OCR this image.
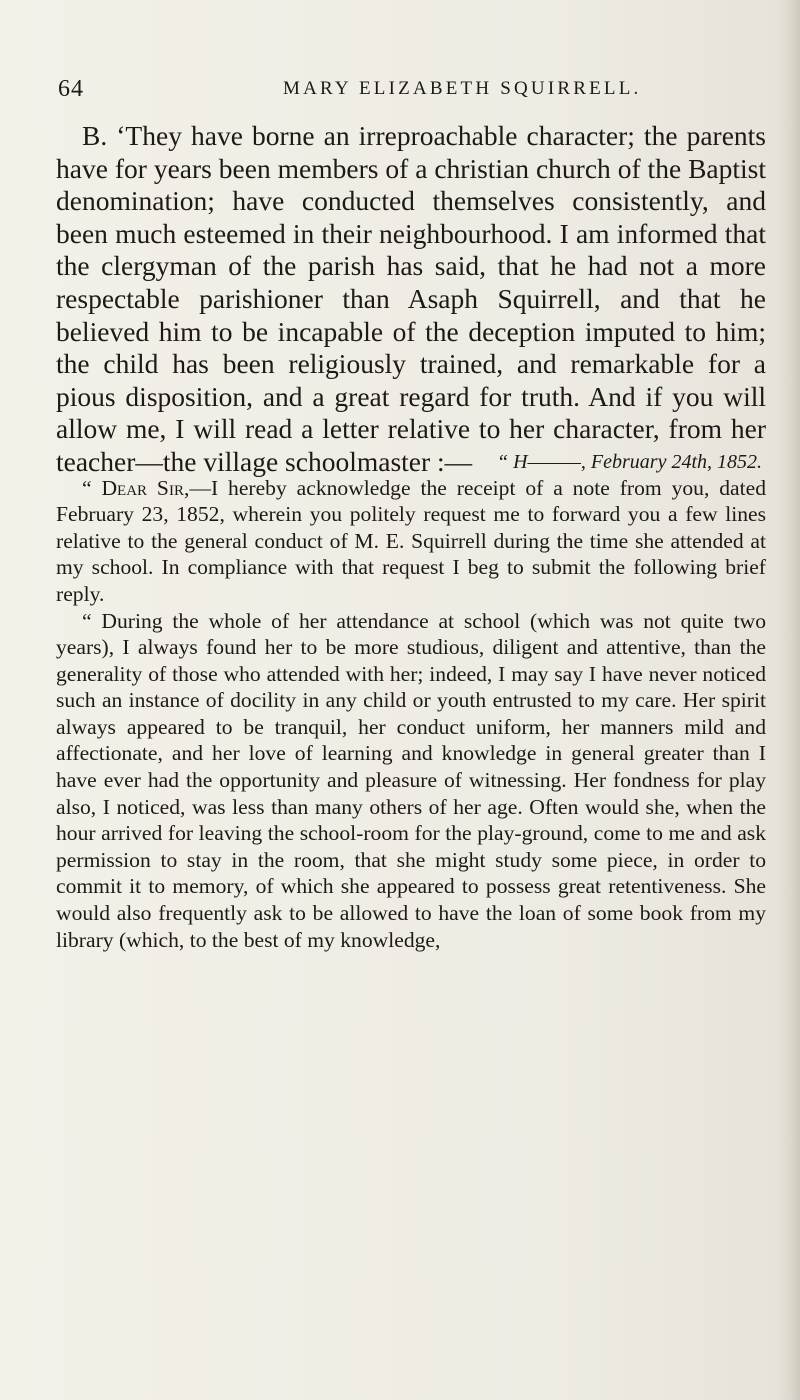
64	MARY ELIZABETH SQUIRRELL.

B. ‘They have borne an irreproachable character; the parents have for years been members of a christian church of the Baptist denomination; have conducted themselves consistently, and been much esteemed in their neighbourhood. I am informed that the clergyman of the parish has said, that he had not a more respectable parishioner than Asaph Squirrell, and that he believed him to be incapable of the deception imputed to him; the child has been religiously trained, and remarkable for a pious disposition, and a great regard for truth. And if you will allow me, I will read a letter relative to her character, from her teacher—the village schoolmaster :—	“ H———, February 24th, 1852.

“ Dear Sir,—I hereby acknowledge the receipt of a note from you, dated February 23, 1852, wherein you politely request me to forward you a few lines relative to the general conduct of M. E. Squirrell during the time she attended at my school. In compliance with that request I beg to submit the following brief reply.

“ During the whole of her attendance at school (which was not quite two years), I always found her to be more studious, diligent and attentive, than the generality of those who attended with her; indeed, I may say I have never noticed such an instance of docility in any child or youth entrusted to my care. Her spirit always appeared to be tranquil, her conduct uniform, her manners mild and affectionate, and her love of learning and knowledge in general greater than I have ever had the opportunity and pleasure of witnessing. Her fondness for play also, I noticed, was less than many others of her age. Often would she, when the hour arrived for leaving the school-room for the play-ground, come to me and ask permission to stay in the room, that she might study some piece, in order to commit it to memory, of which she appeared to possess great retentiveness. She would also frequently ask to be allowed to have the loan of some book from my library (which, to the best of my knowledge,
